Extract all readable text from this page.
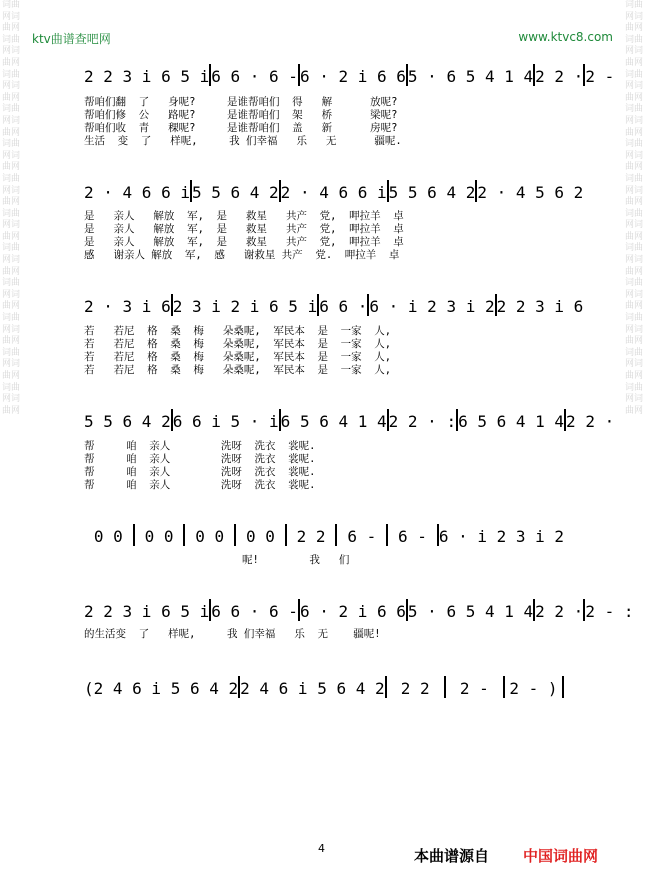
词曲网词曲网词曲网词曲网词曲网词曲网词曲网词曲网词曲网词曲网词曲网词曲网词曲网词曲网词曲网词曲网词曲网词曲网词曲网词曲网词曲网词曲网词曲网词曲网
词曲网词曲网词曲网词曲网词曲网词曲网词曲网词曲网词曲网词曲网词曲网词曲网词曲网词曲网词曲网词曲网词曲网词曲网词曲网词曲网词曲网词曲网词曲网词曲网
ktv曲谱查吧网	www.ktvc8.com
2 2 3 i 6 5 i 6 6 · 6 - 6 · 2 i 6 6 5 · 6 5 4 1 4 2 2 · 2 -
帮咱们翻  了   身呢?     是谁帮咱们  得   解      放呢?
帮咱们修  公   路呢?     是谁帮咱们  架   桥      梁呢?
帮咱们收  青   稞呢?     是谁帮咱们  盖   新      房呢?
生活  变  了   样呢,     我 们幸福   乐   无      疆呢.
2 · 4 6 6 i 5 5 6 4 2 2 · 4 6 6 i 5 5 6 4 2 2 · 4 5 6 2
是   亲人   解放  军,  是   救星   共产  党,  呷拉羊  卓
是   亲人   解放  军,  是   救星   共产  党,  呷拉羊  卓
是   亲人   解放  军,  是   救星   共产  党,  呷拉羊  卓
感   谢亲人 解放  军,  感   谢救星 共产  党.  呷拉羊  卓
2 · 3 i 6 2 3 i 2 i 6 5 i 6 6 · 6 · i 2 3 i 2 2 2 3 i 6
若   若尼  格  桑  梅   朵桑呢,  军民本  是  一家  人,
若   若尼  格  桑  梅   朵桑呢,  军民本  是  一家  人,
若   若尼  格  桑  梅   朵桑呢,  军民本  是  一家  人,
若   若尼  格  桑  梅   朵桑呢,  军民本  是  一家  人,
5 5 6 4 2 6 6 i 5 · i 6 5 6 4 1 4 2 2 · : 6 5 6 4 1 4 2 2 ·
帮     咱  亲人        洗呀  洗衣  裳呢.
帮     咱  亲人        洗呀  洗衣  裳呢.
帮     咱  亲人        洗呀  洗衣  裳呢.
帮     咱  亲人        洗呀  洗衣  裳呢.
0 0	0 0	0 0	0 0	2 2	6 -	6 - 6 · i 2 3 i 2
呢!        我   们
2 2 3 i 6 5 i 6 6 · 6 - 6 · 2 i 6 6 5 · 6 5 4 1 4 2 2 · 2 - :
的生活变  了   样呢,     我 们幸福   乐  无    疆呢!
(2 4 6 i 5 6 4 2 2 4 6 i 5 6 4 2	2 2	2 -	2 - )
4	本曲谱源自 中国词曲网
